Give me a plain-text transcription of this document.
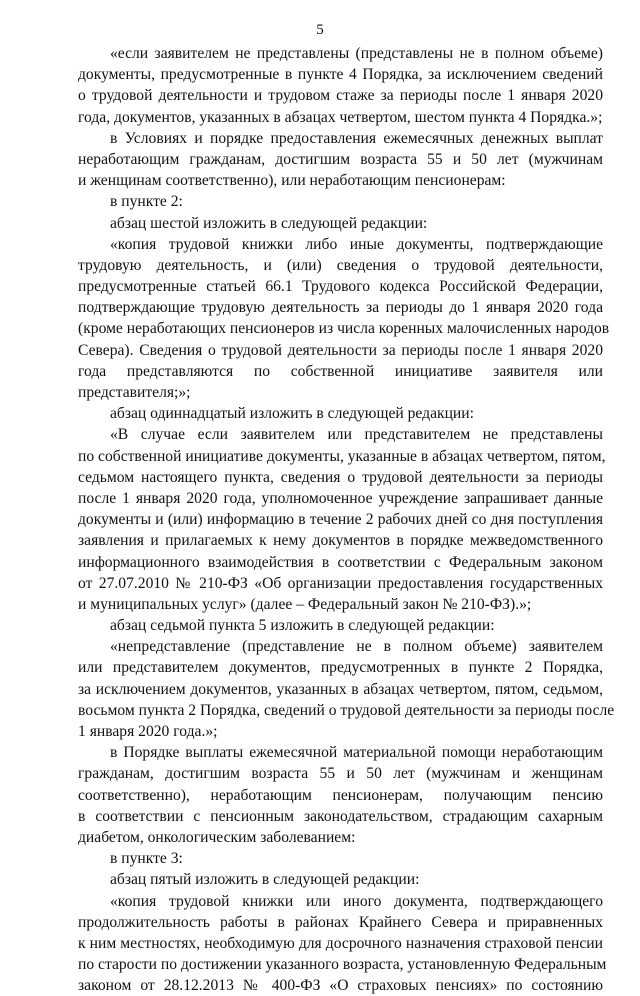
5
«если заявителем не представлены (представлены не в полном объеме)
документы, предусмотренные в пункте 4 Порядка, за исключением сведений
о трудовой деятельности и трудовом стаже за периоды после 1 января 2020
года, документов, указанных в абзацах четвертом, шестом пункта 4 Порядка.»;
в Условиях и порядке предоставления ежемесячных денежных выплат
неработающим гражданам, достигшим возраста 55 и 50 лет (мужчинам
и женщинам соответственно), или неработающим пенсионерам:
в пункте 2:
абзац шестой изложить в следующей редакции:
«копия трудовой книжки либо иные документы, подтверждающие
трудовую деятельность, и (или) сведения о трудовой деятельности,
предусмотренные статьей 66.1 Трудового кодекса Российской Федерации,
подтверждающие трудовую деятельность за периоды до 1 января 2020 года
(кроме неработающих пенсионеров из числа коренных малочисленных народов
Севера). Сведения о трудовой деятельности за периоды после 1 января 2020
года представляются по собственной инициативе заявителя или
представителя;»;
абзац одиннадцатый изложить в следующей редакции:
«В случае если заявителем или представителем не представлены
по собственной инициативе документы, указанные в абзацах четвертом, пятом,
седьмом настоящего пункта, сведения о трудовой деятельности за периоды
после 1 января 2020 года, уполномоченное учреждение запрашивает данные
документы и (или) информацию в течение 2 рабочих дней со дня поступления
заявления и прилагаемых к нему документов в порядке межведомственного
информационного взаимодействия в соответствии с Федеральным законом
от 27.07.2010 № 210-ФЗ «Об организации предоставления государственных
и муниципальных услуг» (далее – Федеральный закон № 210-ФЗ).»;
абзац седьмой пункта 5 изложить в следующей редакции:
«непредставление (представление не в полном объеме) заявителем
или представителем документов, предусмотренных в пункте 2 Порядка,
за исключением документов, указанных в абзацах четвертом, пятом, седьмом,
восьмом пункта 2 Порядка, сведений о трудовой деятельности за периоды после
1 января 2020 года.»;
в Порядке выплаты ежемесячной материальной помощи неработающим
гражданам, достигшим возраста 55 и 50 лет (мужчинам и женщинам
соответственно), неработающим пенсионерам, получающим пенсию
в соответствии с пенсионным законодательством, страдающим сахарным
диабетом, онкологическим заболеванием:
в пункте 3:
абзац пятый изложить в следующей редакции:
«копия трудовой книжки или иного документа, подтверждающего
продолжительность работы в районах Крайнего Севера и приравненных
к ним местностях, необходимую для досрочного назначения страховой пенсии
по старости по достижении указанного возраста, установленную Федеральным
законом от 28.12.2013 № 400-ФЗ «О страховых пенсиях» по состоянию
